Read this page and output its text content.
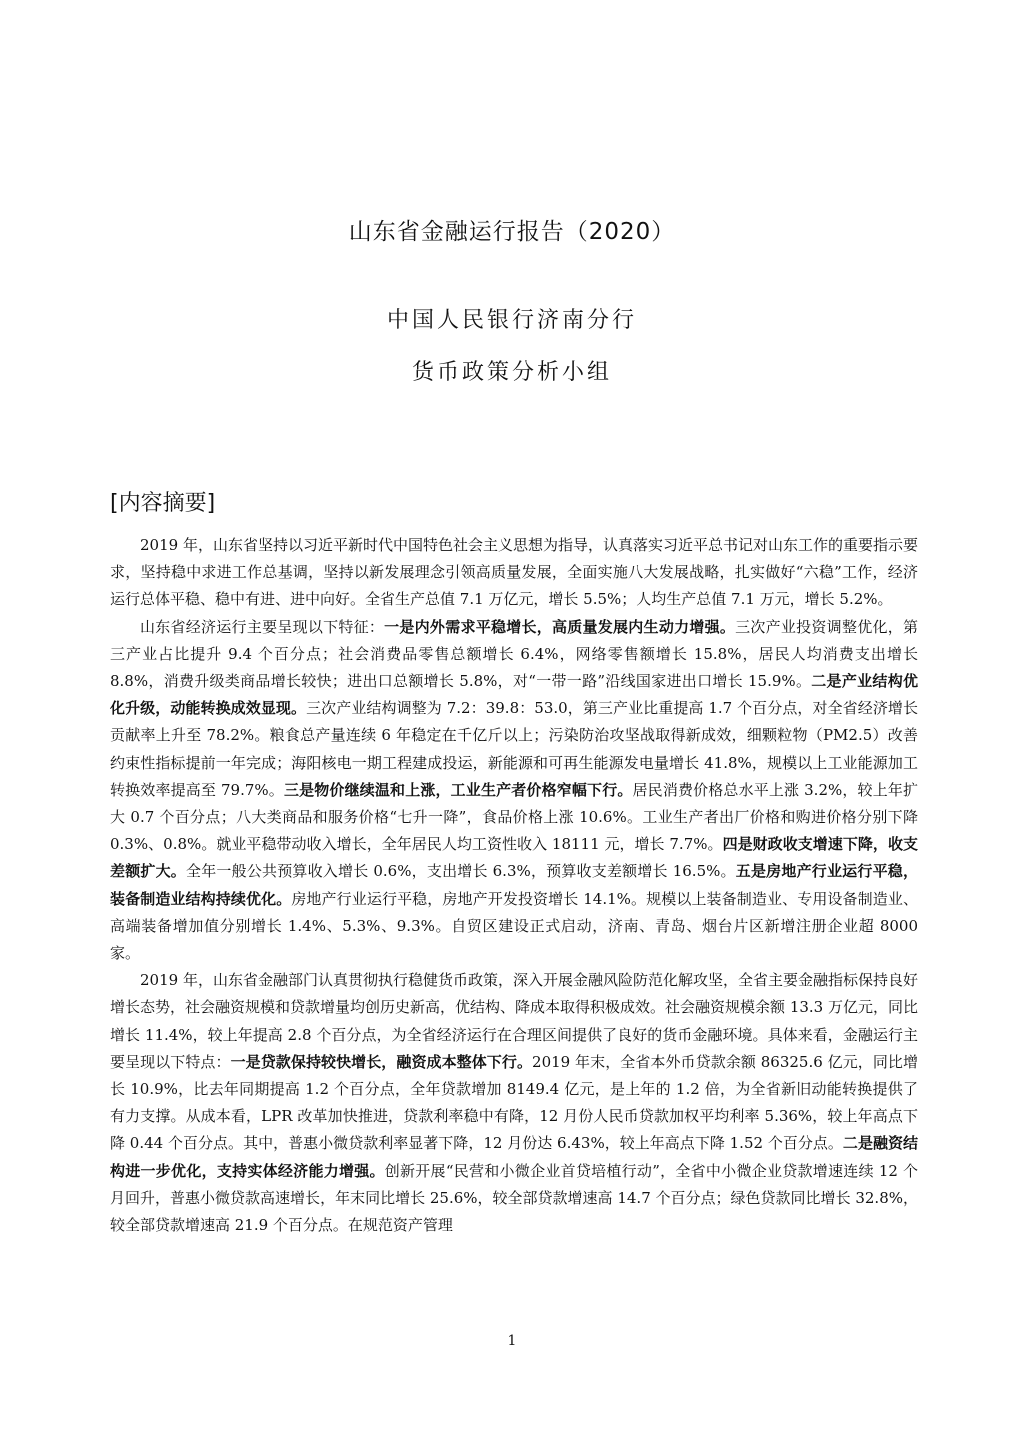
山东省金融运行报告（2020）
中国人民银行济南分行
货币政策分析小组
[内容摘要]

2019 年，山东省坚持以习近平新时代中国特色社会主义思想为指导，认真落实习近平总书记对山东工作的重要指示要求，坚持稳中求进工作总基调，坚持以新发展理念引领高质量发展，全面实施八大发展战略，扎实做好“六稳”工作，经济运行总体平稳、稳中有进、进中向好。全省生产总值 7.1 万亿元，增长 5.5%；人均生产总值 7.1 万元，增长 5.2%。

山东省经济运行主要呈现以下特征：一是内外需求平稳增长，高质量发展内生动力增强。三次产业投资调整优化，第三产业占比提升 9.4 个百分点；社会消费品零售总额增长 6.4%，网络零售额增长 15.8%，居民人均消费支出增长 8.8%，消费升级类商品增长较快；进出口总额增长 5.8%，对“一带一路”沿线国家进出口增长 15.9%。二是产业结构优化升级，动能转换成效显现。三次产业结构调整为 7.2：39.8：53.0，第三产业比重提高 1.7 个百分点，对全省经济增长贡献率上升至 78.2%。粮食总产量连续 6 年稳定在千亿斤以上；污染防治攻坚战取得新成效，细颗粒物（PM2.5）改善约束性指标提前一年完成；海阳核电一期工程建成投运，新能源和可再生能源发电量增长 41.8%，规模以上工业能源加工转换效率提高至 79.7%。三是物价继续温和上涨，工业生产者价格窄幅下行。居民消费价格总水平上涨 3.2%，较上年扩大 0.7 个百分点；八大类商品和服务价格“七升一降”，食品价格上涨 10.6%。工业生产者出厂价格和购进价格分别下降 0.3%、0.8%。就业平稳带动收入增长，全年居民人均工资性收入 18111 元，增长 7.7%。四是财政收支增速下降，收支差额扩大。全年一般公共预算收入增长 0.6%，支出增长 6.3%，预算收支差额增长 16.5%。五是房地产行业运行平稳，装备制造业结构持续优化。房地产行业运行平稳，房地产开发投资增长 14.1%。规模以上装备制造业、专用设备制造业、高端装备增加值分别增长 1.4%、5.3%、9.3%。自贸区建设正式启动，济南、青岛、烟台片区新增注册企业超 8000 家。

2019 年，山东省金融部门认真贯彻执行稳健货币政策，深入开展金融风险防范化解攻坚，全省主要金融指标保持良好增长态势，社会融资规模和贷款增量均创历史新高，优结构、降成本取得积极成效。社会融资规模余额 13.3 万亿元，同比增长 11.4%，较上年提高 2.8 个百分点，为全省经济运行在合理区间提供了良好的货币金融环境。具体来看，金融运行主要呈现以下特点：一是贷款保持较快增长，融资成本整体下行。2019 年末，全省本外币贷款余额 86325.6 亿元，同比增长 10.9%，比去年同期提高 1.2 个百分点，全年贷款增加 8149.4 亿元，是上年的 1.2 倍，为全省新旧动能转换提供了有力支撑。从成本看，LPR 改革加快推进，贷款利率稳中有降，12 月份人民币贷款加权平均利率 5.36%，较上年高点下降 0.44 个百分点。其中，普惠小微贷款利率显著下降，12 月份达 6.43%，较上年高点下降 1.52 个百分点。二是融资结构进一步优化，支持实体经济能力增强。创新开展“民营和小微企业首贷培植行动”，全省中小微企业贷款增速连续 12 个月回升，普惠小微贷款高速增长，年末同比增长 25.6%，较全部贷款增速高 14.7 个百分点；绿色贷款同比增长 32.8%，较全部贷款增速高 21.9 个百分点。在规范资产管理

1
